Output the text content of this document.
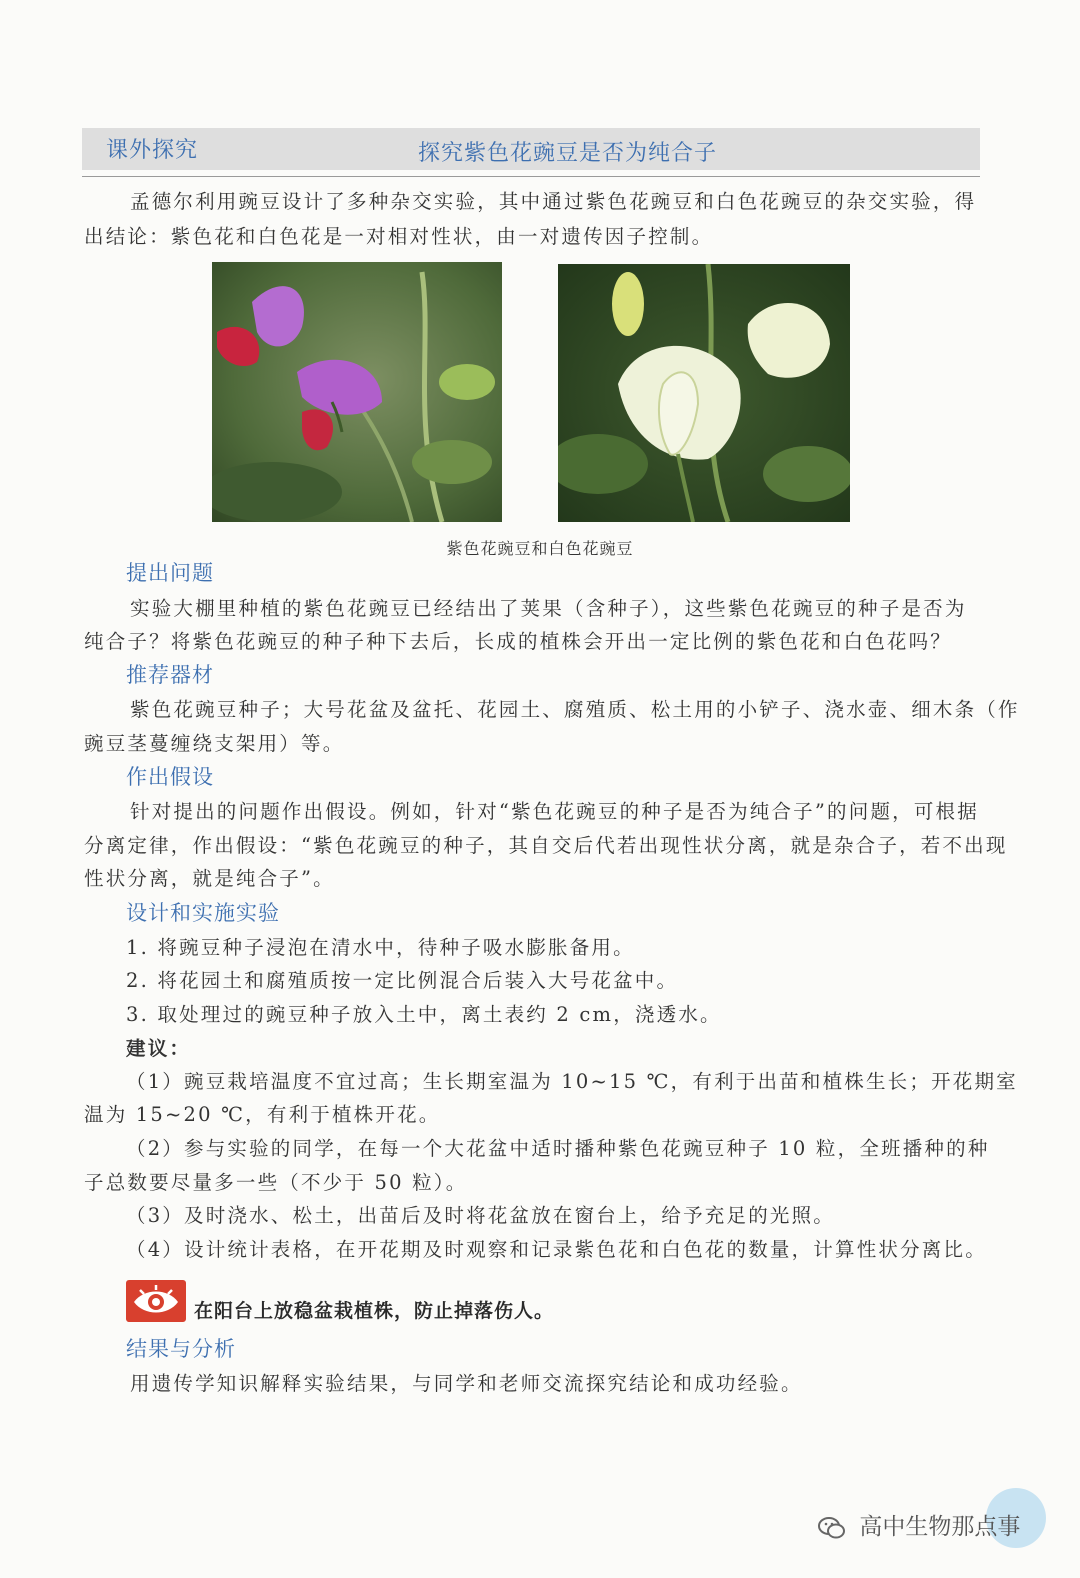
课外探究	探究紫色花豌豆是否为纯合子

孟德尔利用豌豆设计了多种杂交实验，其中通过紫色花豌豆和白色花豌豆的杂交实验，得

出结论：紫色花和白色花是一对相对性状，由一对遗传因子控制。

紫色花豌豆和白色花豌豆
提出问题

实验大棚里种植的紫色花豌豆已经结出了荚果（含种子），这些紫色花豌豆的种子是否为

纯合子？将紫色花豌豆的种子种下去后，长成的植株会开出一定比例的紫色花和白色花吗？

推荐器材

紫色花豌豆种子；大号花盆及盆托、花园土、腐殖质、松土用的小铲子、浇水壶、细木条（作

豌豆茎蔓缠绕支架用）等。

作出假设

针对提出的问题作出假设。例如，针对“紫色花豌豆的种子是否为纯合子”的问题，可根据

分离定律，作出假设：“紫色花豌豆的种子，其自交后代若出现性状分离，就是杂合子，若不出现

性状分离，就是纯合子”。

设计和实施实验

1. 将豌豆种子浸泡在清水中，待种子吸水膨胀备用。

2. 将花园土和腐殖质按一定比例混合后装入大号花盆中。

3. 取处理过的豌豆种子放入土中，离土表约 2 cm，浇透水。

建议：

（1）豌豆栽培温度不宜过高；生长期室温为 10~15 ℃，有利于出苗和植株生长；开花期室

温为 15~20 ℃，有利于植株开花。

（2）参与实验的同学，在每一个大花盆中适时播种紫色花豌豆种子 10 粒，全班播种的种

子总数要尽量多一些（不少于 50 粒）。

（3）及时浇水、松土，出苗后及时将花盆放在窗台上，给予充足的光照。

（4）设计统计表格，在开花期及时观察和记录紫色花和白色花的数量，计算性状分离比。

在阳台上放稳盆栽植株，防止掉落伤人。

结果与分析

用遗传学知识解释实验结果，与同学和老师交流探究结论和成功经验。

高中生物那点事
